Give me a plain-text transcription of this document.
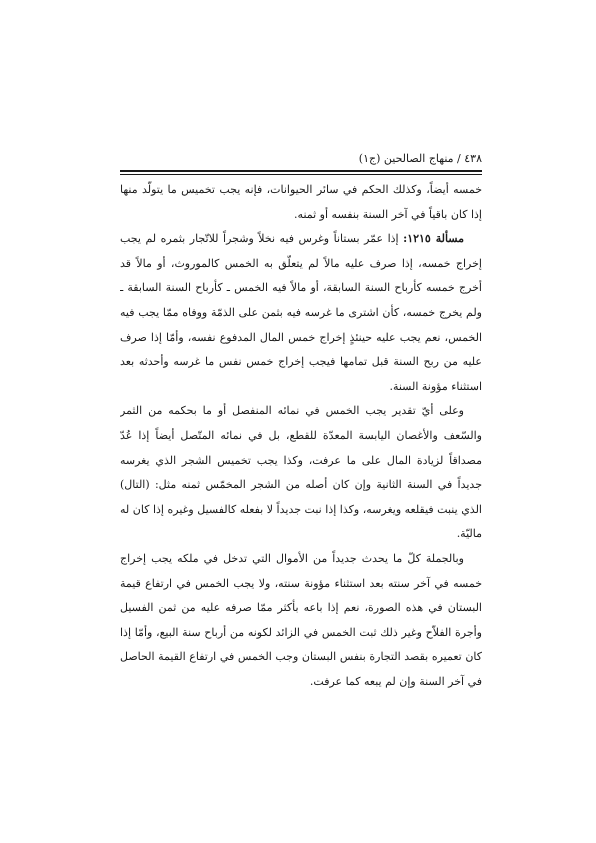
٤٣٨ / منهاج الصالحين (ج١)

خمسه أيضاً، وكذلك الحكم في سائر الحيوانات، فإنه يجب تخميس ما يتولّد منها إذا كان باقياً في آخر السنة بنفسه أو ثمنه.

مسألة ١٢١٥: إذا عمّر بستاناً وغرس فيه نخلاً وشجراً للاتّجار بثمره لم يجب إخراج خمسه، إذا صرف عليه مالاً لم يتعلّق به الخمس كالموروث، أو مالاً قد أخرج خمسه كأرباح السنة السابقة، أو مالاً فيه الخمس ـ كأرباح السنة السابقة ـ ولم يخرج خمسه، كأن اشترى ما غرسه فيه بثمن على الذمّة ووفاه ممّا يجب فيه الخمس، نعم يجب عليه حينئذٍ إخراج خمس المال المدفوع نفسه، وأمّا إذا صرف عليه من ربح السنة قبل تمامها فيجب إخراج خمس نفس ما غرسه وأحدثه بعد استثناء مؤونة السنة.

وعلى أيّ تقدير يجب الخمس في نمائه المنفصل أو ما بحكمه من الثمر والسّعف والأغصان اليابسة المعدّة للقطع، بل في نمائه المتّصل أيضاً إذا عُدّ مصداقاً لزيادة المال على ما عرفت، وكذا يجب تخميس الشجر الذي يغرسه جديداً في السنة الثانية وإن كان أصله من الشجر المخمّس ثمنه مثل: (التال) الذي ينبت فيقلعه ويغرسه، وكذا إذا نبت جديداً لا بفعله كالفسيل وغيره إذا كان له ماليّة.

وبالجملة كلّ ما يحدث جديداً من الأموال التي تدخل في ملكه يجب إخراج خمسه في آخر سنته بعد استثناء مؤونة سنته، ولا يجب الخمس في ارتفاع قيمة البستان في هذه الصورة، نعم إذا باعه بأكثر ممّا صرفه عليه من ثمن الفسيل وأجرة الفلاّح وغير ذلك ثبت الخمس في الزائد لكونه من أرباح سنة البيع، وأمّا إذا كان تعميره بقصد التجارة بنفس البستان وجب الخمس في ارتفاع القيمة الحاصل في آخر السنة وإن لم يبعه كما عرفت.
